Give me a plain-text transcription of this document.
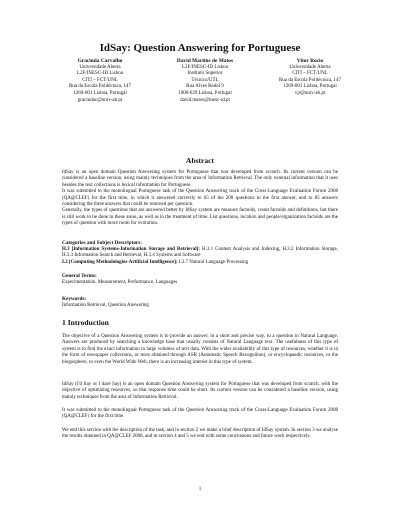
IdSay: Question Answering for Portuguese
Gracinda Carvalho
Universidade Aberta
L2F/INESC-ID Lisboa
CITI – FCT/UNL
Rua da Escola Politécnica, 147
1269-001 Lisboa, Portugal
gracindac@univ-ab.pt
David Martins de Matos
L2F/INESC-ID Lisboa
Instituto Superior
Técnico/UTL
Rua Alves Redol 9
1000-029 Lisboa, Portugal
david.matos@inesc-id.pt
Vitor Rocio
Universidade Aberta
CITI – FCT/UNL
Rua da Escola Politécnica, 147
1269-001 Lisboa, Portugal
vjr@univ-ab.pt
Abstract

IdSay is an open domain Question Answering system for Portuguese that was developed from scratch. Its current version can be considered a baseline version, using mainly techniques from the area of Information Retrieval. The only external information that it uses besides the text collections is lexical information for Portuguese.

It was submitted to the monolingual Portuguese task of the Question Answering track of the Cross-Language Evaluation Forum 2008 (QA@CLEF) for the first time, in which it answered correctly to 65 of the 200 questions in the first answer, and to 85 answers considering the three answers that could be returned per question.

Generally, the types of questions that are answered better by IdSay system are measure factoids, count factoids and definitions, but there is still work to be done in these areas, as well as in the treatment of time. List questions, location and people/organization factoids are the types of question with more room for evolution.

Categories and Subject Descriptors:

H.3 [Information Systems-Information Storage and Retrieval]: H.3.1 Content Analysis and Indexing, H.3.2 Information Storage, H.3.3 Information Search and Retrieval, H.3.4 Systems and Software

I.2 [Computing Methodologies-Artificial Intelligence]: I.2.7 Natural Language Processing

General Terms:
Experimentation, Measurement, Performance, Languages
Keywords:
Information Retrieval, Question Answering
1 Introduction
The objective of a Question Answering system is to provide an answer, in a short and precise way, to a question in Natural Language. Answers are produced by searching a knowledge base that usually consists of Natural Language text. The usefulness of this type of system is to find the exact information in large volumes of text data. With the wider availability of this type of resources, whether it is in the form of newspaper collections, or texts obtained through ASR (Automatic Speech Recognition), or encyclopaedic resources, or the blogosphere, or even the World Wide Web, there is an increasing interest in this type of system.
IdSay (I'd Say or I dare Say) is an open domain Question Answering system for Portuguese that was developed from scratch, with the objective of optimizing resources, so that response time could be short. Its current version can be considered a baseline version, using mainly techniques from the area of Information Retrieval.
It was submitted to the monolingual Portuguese task of the Question Answering track of the Cross-Language Evaluation Forum 2008 (QA@CLEF) for the first time.
We end this section with the description of the task, and in section 2 we make a brief description of IdSay system. In section 3 we analyse the results obtained in QA@CLEF 2008, and in section 4 and 5 we end with some conclusions and future work respectively.
1
